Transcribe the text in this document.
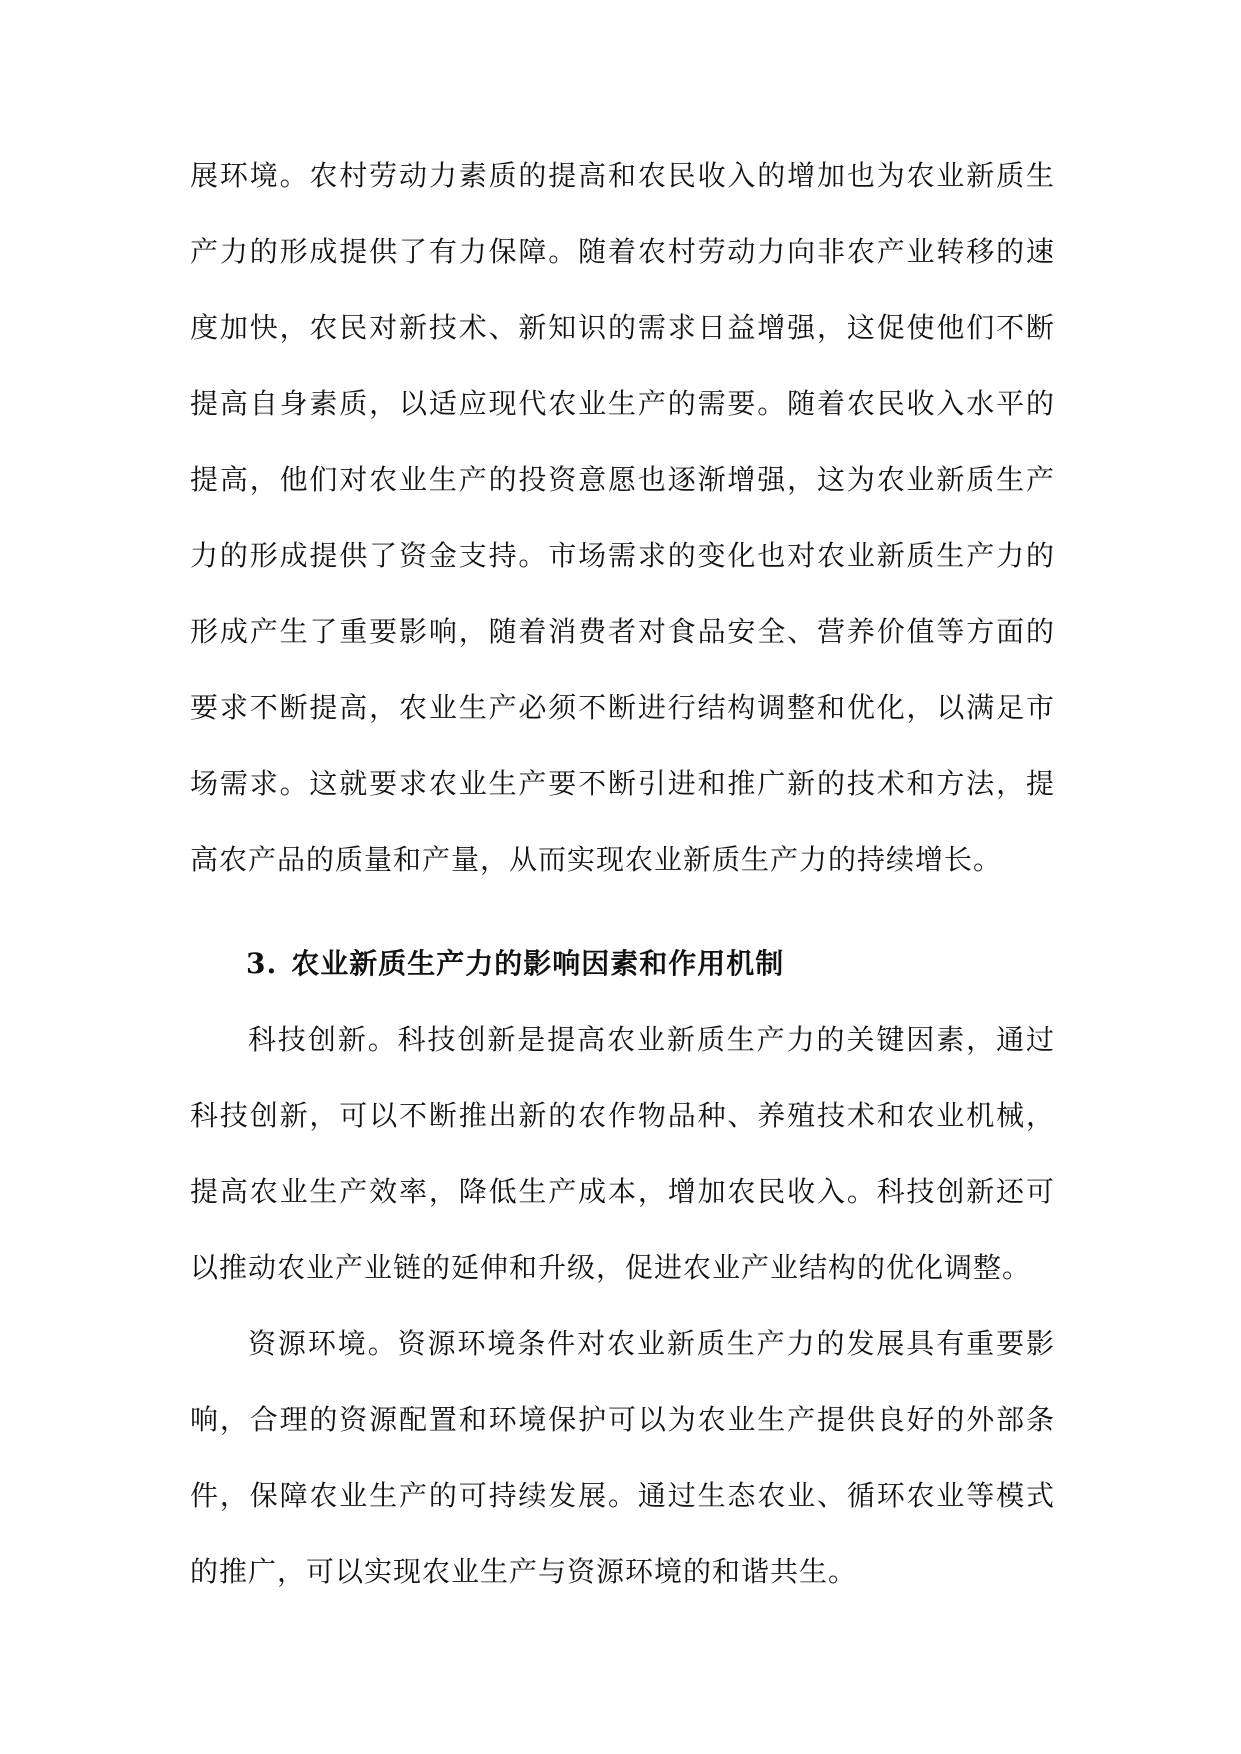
展环境。农村劳动力素质的提高和农民收入的增加也为农业新质生产力的形成提供了有力保障。随着农村劳动力向非农产业转移的速度加快，农民对新技术、新知识的需求日益增强，这促使他们不断提高自身素质，以适应现代农业生产的需要。随着农民收入水平的提高，他们对农业生产的投资意愿也逐渐增强，这为农业新质生产力的形成提供了资金支持。市场需求的变化也对农业新质生产力的形成产生了重要影响，随着消费者对食品安全、营养价值等方面的要求不断提高，农业生产必须不断进行结构调整和优化，以满足市场需求。这就要求农业生产要不断引进和推广新的技术和方法，提高农产品的质量和产量，从而实现农业新质生产力的持续增长。

3. 农业新质生产力的影响因素和作用机制

科技创新。科技创新是提高农业新质生产力的关键因素，通过科技创新，可以不断推出新的农作物品种、养殖技术和农业机械，提高农业生产效率，降低生产成本，增加农民收入。科技创新还可以推动农业产业链的延伸和升级，促进农业产业结构的优化调整。

资源环境。资源环境条件对农业新质生产力的发展具有重要影响，合理的资源配置和环境保护可以为农业生产提供良好的外部条件，保障农业生产的可持续发展。通过生态农业、循环农业等模式的推广，可以实现农业生产与资源环境的和谐共生。
